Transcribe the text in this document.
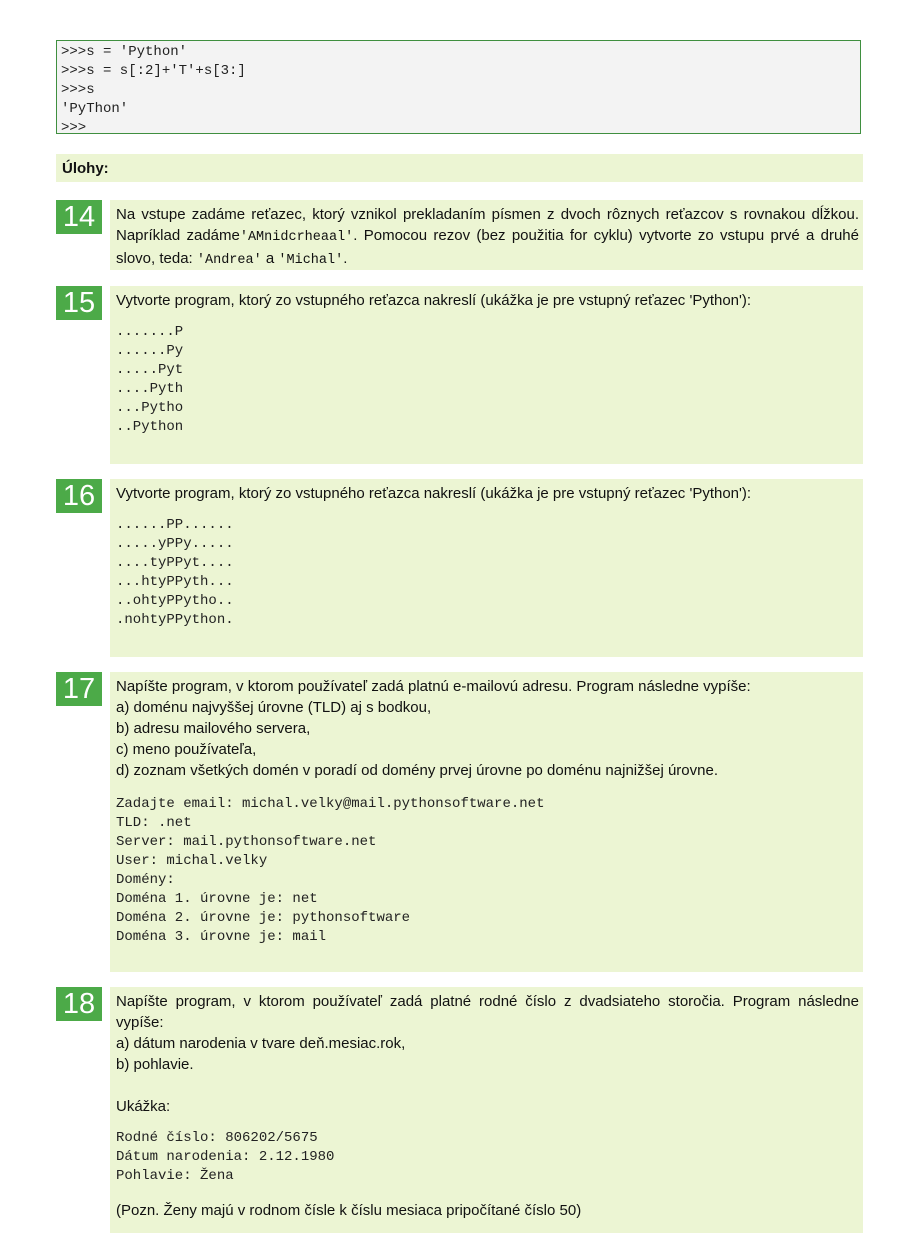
>>>s = 'Python'
>>>s = s[:2]+'T'+s[3:]
>>>s
'PyThon'
>>>
Úlohy:
14	Na vstupe zadáme reťazec, ktorý vznikol prekladaním písmen z dvoch rôznych reťazcov s rovnakou dĺžkou. Napríklad zadáme'AMnidcrheaal'. Pomocou rezov (bez použitia for cyklu) vytvorte zo vstupu prvé a druhé slovo, teda: 'Andrea' a 'Michal'.
15	Vytvorte program, ktorý zo vstupného reťazca nakreslí (ukážka je pre vstupný reťazec 'Python'):
.......P
......Py
.....Pyt
....Pyth
...Pytho
..Python
16	Vytvorte program, ktorý zo vstupného reťazca nakreslí (ukážka je pre vstupný reťazec 'Python'):
......PP......
.....yPPy.....
....tyPPyt....
...htyPPyth...
..ohtyPPytho..
.nohtyPPython.
17	Napíšte program, v ktorom používateľ zadá platnú e-mailovú adresu. Program následne vypíše:
a) doménu najvyššej úrovne (TLD) aj s bodkou,
b) adresu mailového servera,
c) meno používateľa,
d) zoznam všetkých domén v poradí od domény prvej úrovne po doménu najnižšej úrovne.
Zadajte email: michal.velky@mail.pythonsoftware.net
TLD: .net
Server: mail.pythonsoftware.net
User: michal.velky
Domény:
Doména 1. úrovne je: net
Doména 2. úrovne je: pythonsoftware
Doména 3. úrovne je: mail
18	Napíšte program, v ktorom používateľ zadá platné rodné číslo z dvadsiateho storočia. Program následne vypíše:
a) dátum narodenia v tvare deň.mesiac.rok,
b) pohlavie.
Ukážka:
Rodné číslo: 806202/5675
Dátum narodenia: 2.12.1980
Pohlavie: Žena
(Pozn. Ženy majú v rodnom čísle k číslu mesiaca pripočítané číslo 50)
